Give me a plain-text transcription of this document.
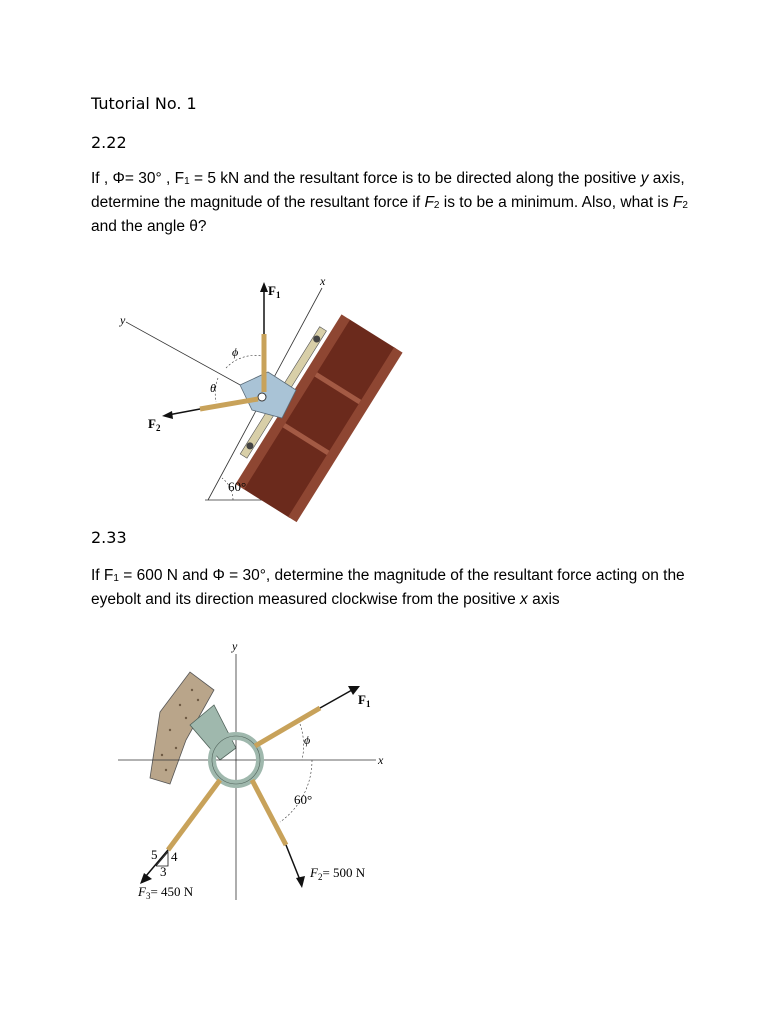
Tutorial No. 1
2.22
If , Φ= 30° , $F_1 = 5$ kN and the resultant force is to be directed along the positive y axis, determine the magnitude of the resultant force if $F_2$ is to be a minimum. Also, what is $F_2$ and the angle θ?
$F_1$
$F_2$
x
y
ϕ
θ
60°
2.33
If $F_1 = 600$ N and Φ = 30°, determine the magnitude of the resultant force acting on the eyebolt and its direction measured clockwise from the positive x axis
y
x
$F_1$
ϕ
60°
$F_2= 500$ N
$F_3= 450$ N
5 4
3
